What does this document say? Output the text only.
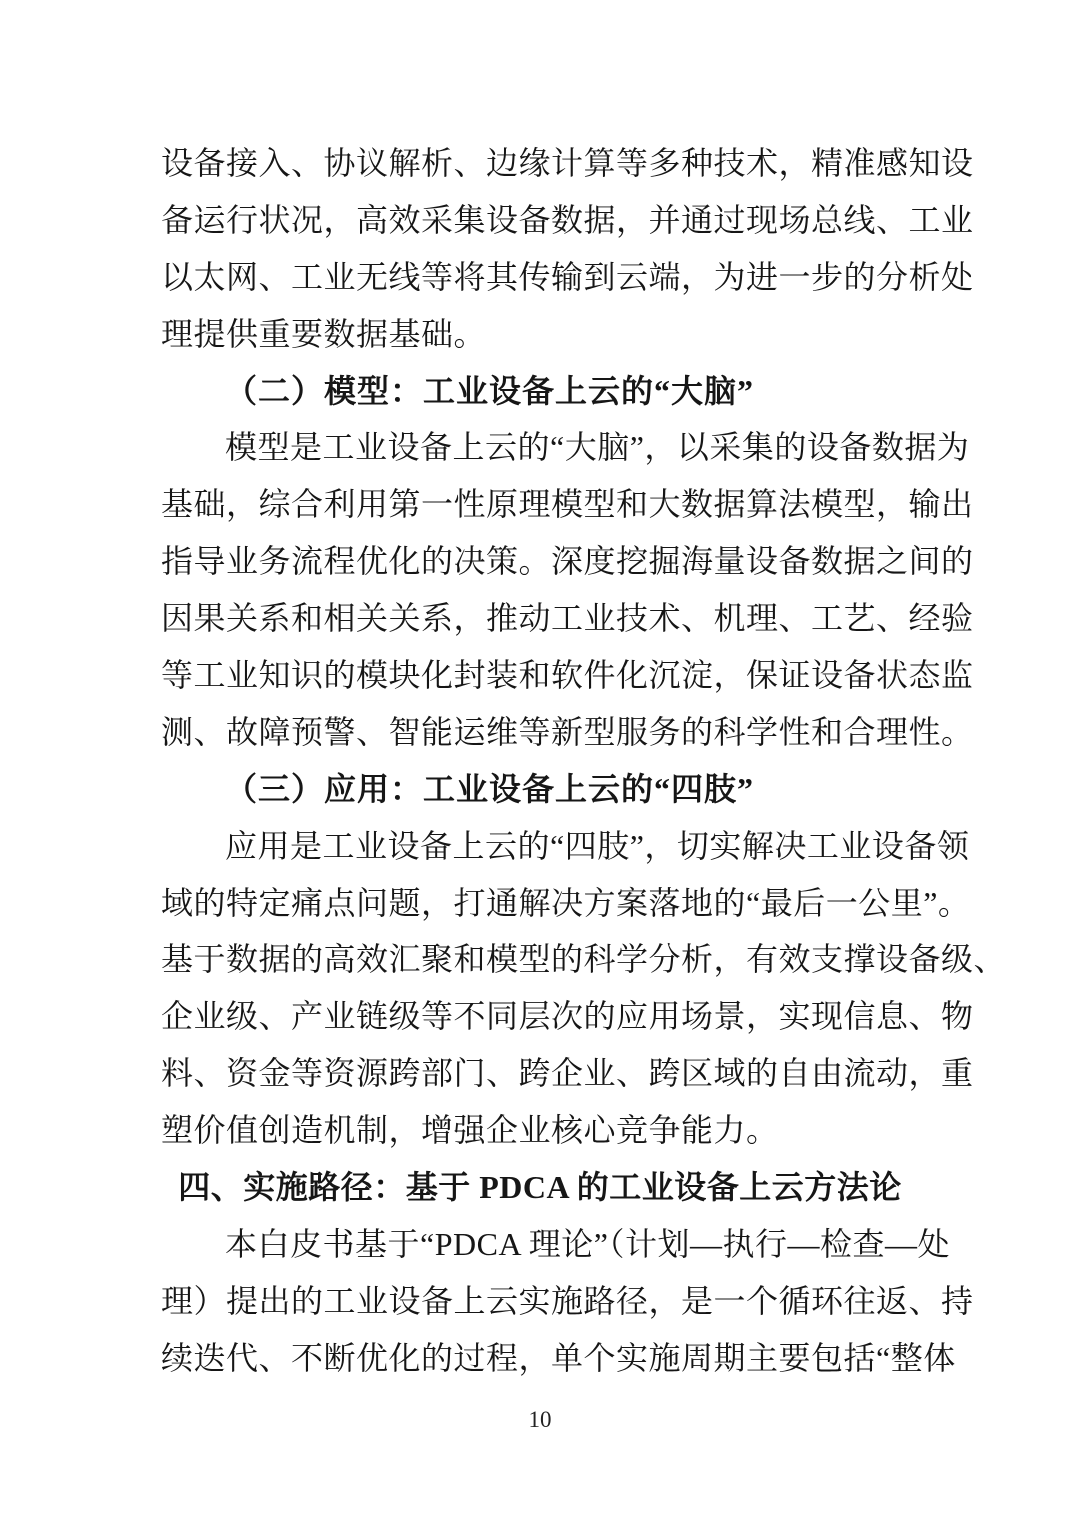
设备接入、协议解析、边缘计算等多种技术，精准感知设
备运行状况，高效采集设备数据，并通过现场总线、工业
以太网、工业无线等将其传输到云端，为进一步的分析处
理提供重要数据基础。
（二）模型：工业设备上云的“大脑”
模型是工业设备上云的“大脑”，以采集的设备数据为
基础，综合利用第一性原理模型和大数据算法模型，输出
指导业务流程优化的决策。深度挖掘海量设备数据之间的
因果关系和相关关系，推动工业技术、机理、工艺、经验
等工业知识的模块化封装和软件化沉淀，保证设备状态监
测、故障预警、智能运维等新型服务的科学性和合理性。
（三）应用：工业设备上云的“四肢”
应用是工业设备上云的“四肢”，切实解决工业设备领
域的特定痛点问题，打通解决方案落地的“最后一公里”。
基于数据的高效汇聚和模型的科学分析，有效支撑设备级、
企业级、产业链级等不同层次的应用场景，实现信息、物
料、资金等资源跨部门、跨企业、跨区域的自由流动，重
塑价值创造机制，增强企业核心竞争能力。
四、实施路径：基于 PDCA 的工业设备上云方法论
本白皮书基于“PDCA 理论”（计划—执行—检查—处
理）提出的工业设备上云实施路径，是一个循环往返、持
续迭代、不断优化的过程，单个实施周期主要包括“整体
10
